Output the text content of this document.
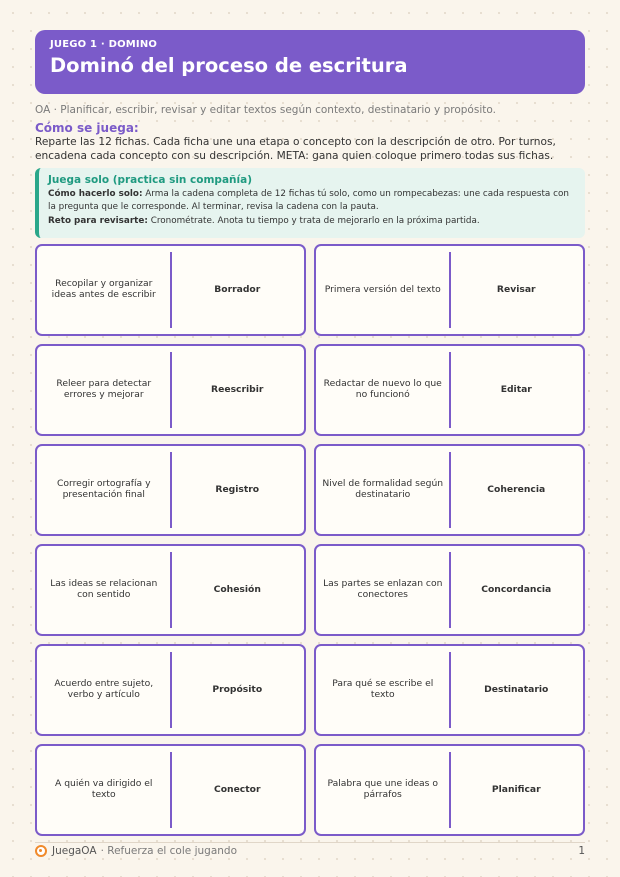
JUEGO 1 · DOMINO
Dominó del proceso de escritura
OA · Planificar, escribir, revisar y editar textos según contexto, destinatario y propósito.
Cómo se juega:
Reparte las 12 fichas. Cada ficha une una etapa o concepto con la descripción de otro. Por turnos, encadena cada concepto con su descripción. META: gana quien coloque primero todas sus fichas.
Juega solo (practica sin compañía)
Cómo hacerlo solo: Arma la cadena completa de 12 fichas tú solo, como un rompecabezas: une cada respuesta con la pregunta que le corresponde. Al terminar, revisa la cadena con la pauta.
Reto para revisarte: Cronométrate. Anota tu tiempo y trata de mejorarlo en la próxima partida.
Recopilar y organizar ideas antes de escribir	Borrador	Primera versión del texto	Revisar
Releer para detectar errores y mejorar	Reescribir	Redactar de nuevo lo que no funcionó	Editar
Corregir ortografía y presentación final	Registro	Nivel de formalidad según destinatario	Coherencia
Las ideas se relacionan con sentido	Cohesión	Las partes se enlazan con conectores	Concordancia
Acuerdo entre sujeto, verbo y artículo	Propósito	Para qué se escribe el texto	Destinatario
A quién va dirigido el texto	Conector	Palabra que une ideas o párrafos	Planificar
JuegaOA · Refuerza el cole jugando	1
